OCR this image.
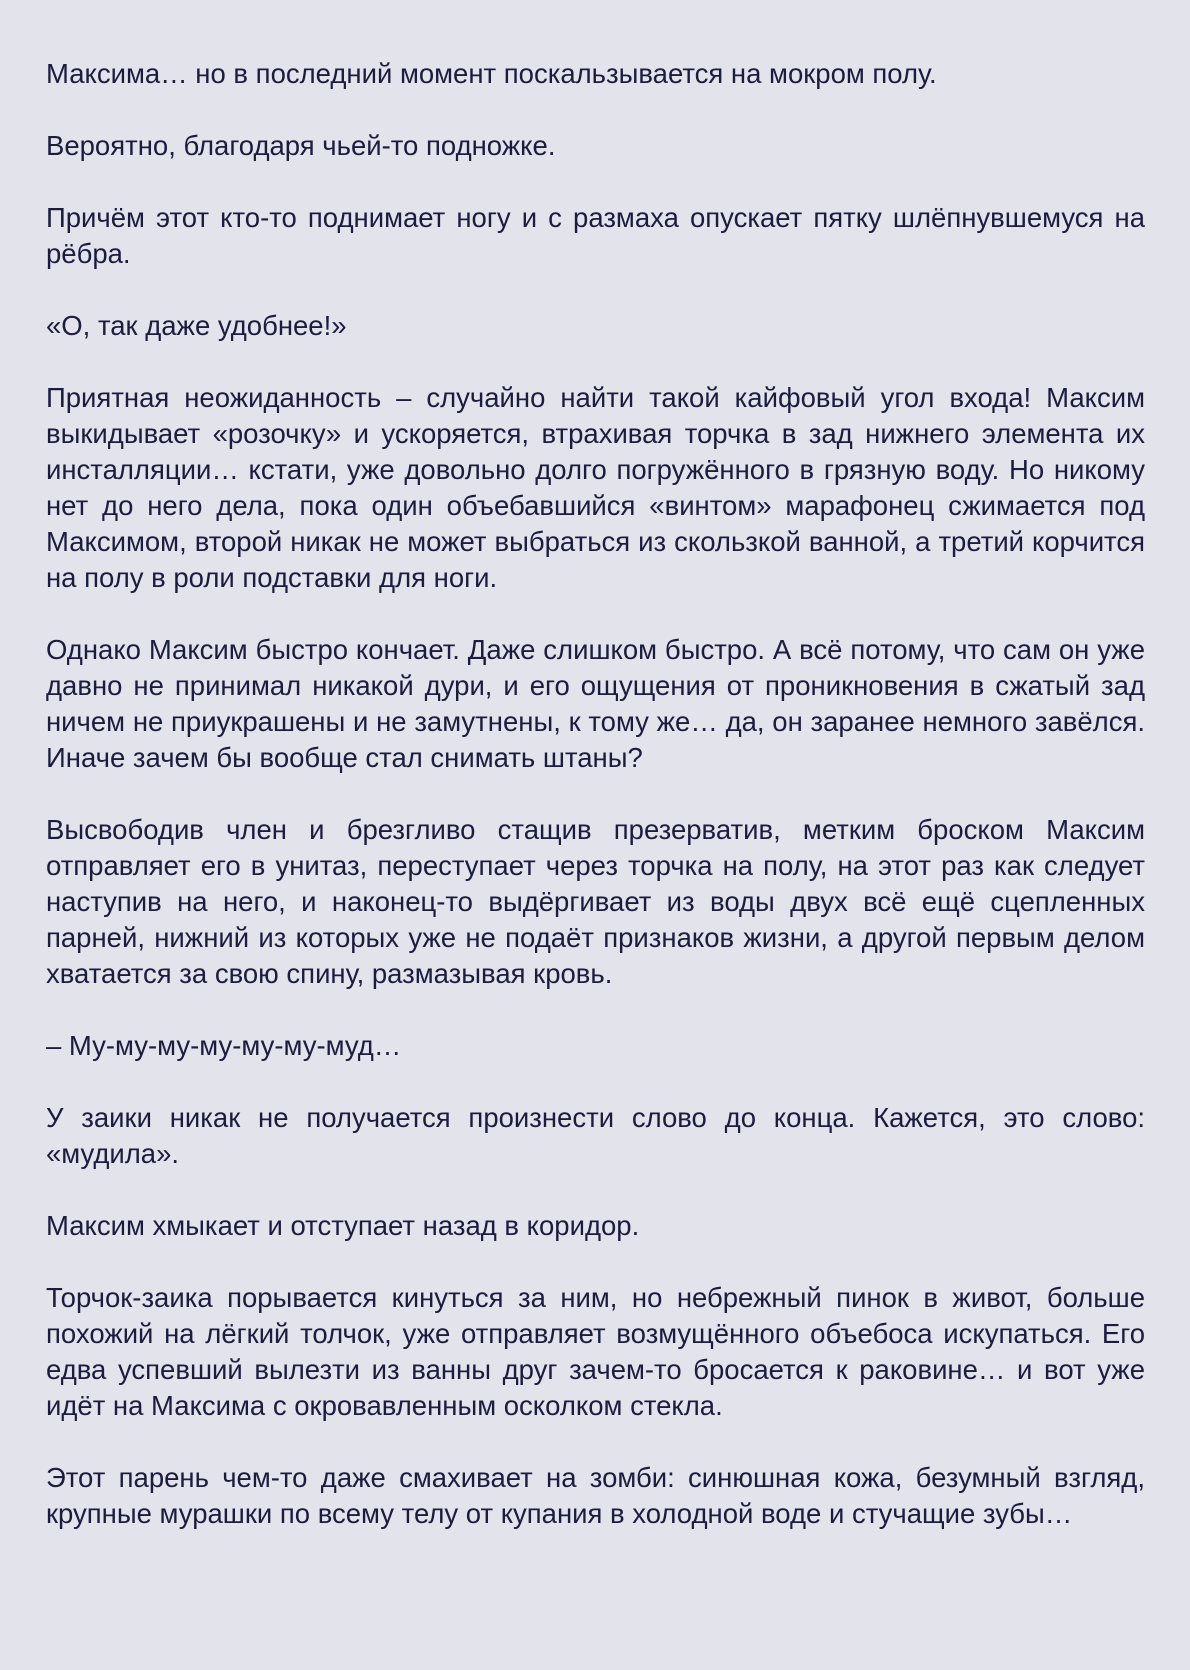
Максима… но в последний момент поскальзывается на мокром полу.

Вероятно, благодаря чьей-то подножке.

Причём этот кто-то поднимает ногу и с размаха опускает пятку шлёпнувшемуся на рёбра.

«О, так даже удобнее!»

Приятная неожиданность – случайно найти такой кайфовый угол входа! Максим выкидывает «розочку» и ускоряется, втрахивая торчка в зад нижнего элемента их инсталляции… кстати, уже довольно долго погружённого в грязную воду. Но никому нет до него дела, пока один объебавшийся «винтом» марафонец сжимается под Максимом, второй никак не может выбраться из скользкой ванной, а третий корчится на полу в роли подставки для ноги.

Однако Максим быстро кончает. Даже слишком быстро. А всё потому, что сам он уже давно не принимал никакой дури, и его ощущения от проникновения в сжатый зад ничем не приукрашены и не замутнены, к тому же… да, он заранее немного завёлся. Иначе зачем бы вообще стал снимать штаны?

Высвободив член и брезгливо стащив презерватив, метким броском Максим отправляет его в унитаз, переступает через торчка на полу, на этот раз как следует наступив на него, и наконец-то выдёргивает из воды двух всё ещё сцепленных парней, нижний из которых уже не подаёт признаков жизни, а другой первым делом хватается за свою спину, размазывая кровь.

– Му-му-му-му-му-му-муд…

У заики никак не получается произнести слово до конца. Кажется, это слово: «мудила».

Максим хмыкает и отступает назад в коридор.

Торчок-заика порывается кинуться за ним, но небрежный пинок в живот, больше похожий на лёгкий толчок, уже отправляет возмущённого объебоса искупаться. Его едва успевший вылезти из ванны друг зачем-то бросается к раковине… и вот уже идёт на Максима с окровавленным осколком стекла.

Этот парень чем-то даже смахивает на зомби: синюшная кожа, безумный взгляд, крупные мурашки по всему телу от купания в холодной воде и стучащие зубы…
